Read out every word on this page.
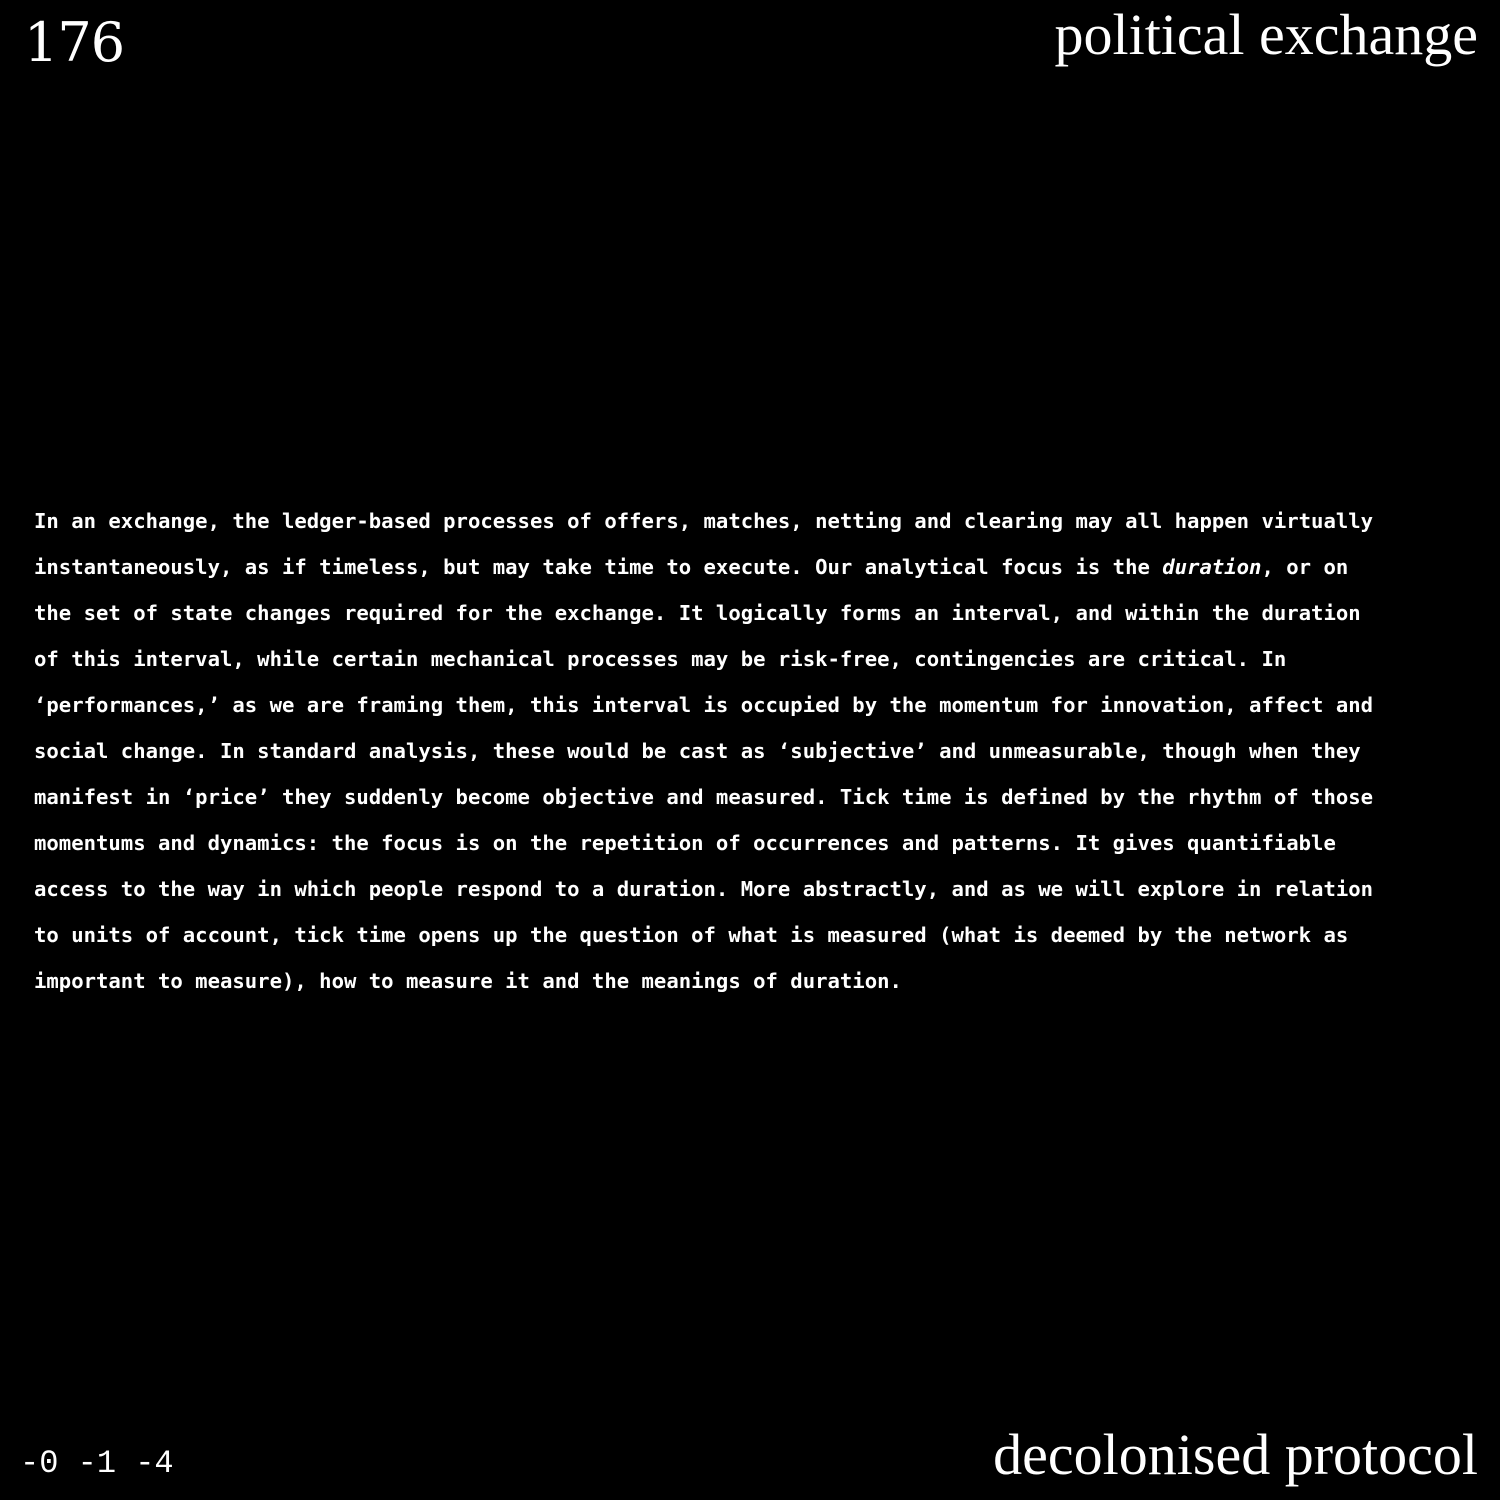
176	political exchange
In an exchange, the ledger-based processes of offers, matches, netting and clearing may all happen virtually
instantaneously, as if timeless, but may take time to execute. Our analytical focus is the duration, or on
the set of state changes required for the exchange. It logically forms an interval, and within the duration
of this interval, while certain mechanical processes may be risk-free, contingencies are critical. In
‘performances,’ as we are framing them, this interval is occupied by the momentum for innovation, affect and
social change. In standard analysis, these would be cast as ‘subjective’ and unmeasurable, though when they
manifest in ‘price’ they suddenly become objective and measured. Tick time is defined by the rhythm of those
momentums and dynamics: the focus is on the repetition of occurrences and patterns. It gives quantifiable
access to the way in which people respond to a duration. More abstractly, and as we will explore in relation
to units of account, tick time opens up the question of what is measured (what is deemed by the network as
important to measure), how to measure it and the meanings of duration.
-0 -1 -4	decolonised protocol
